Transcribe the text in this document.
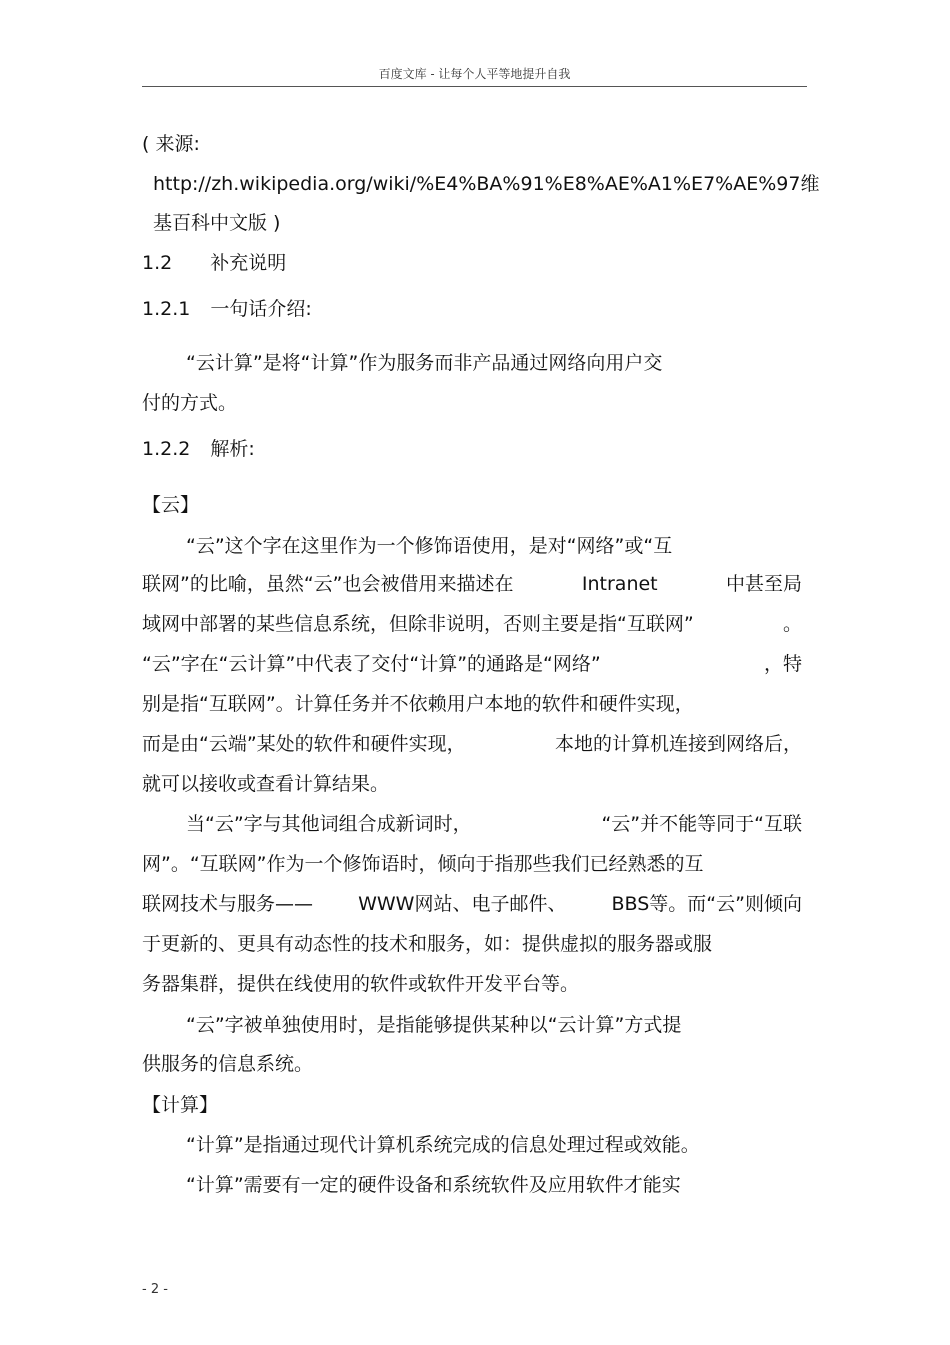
百度文库 - 让每个人平等地提升自我
( 来源:
http://zh.wikipedia.org/wiki/%E4%BA%91%E8%AE%A1%E7%AE%97维
基百科中文版 )
1.2 补充说明
1.2.1 一句话介绍:
“云计算”是将“计算”作为服务而非产品通过网络向用户交
付的方式。
1.2.2 解析:
【云】
“云”这个字在这里作为一个修饰语使用，是对“网络”或“互
联网”的比喻，虽然“云”也会被借用来描述在	Intranet	中甚至局
域网中部署的某些信息系统，但除非说明，否则主要是指“互联网”	。
“云”字在“云计算”中代表了交付“计算”的通路是“网络”	，特
别是指“互联网”。计算任务并不依赖用户本地的软件和硬件实现，
而是由“云端”某处的软件和硬件实现，	本地的计算机连接到网络后，
就可以接收或查看计算结果。
当“云”字与其他词组合成新词时，	“云”并不能等同于“互联
网”。“互联网”作为一个修饰语时，倾向于指那些我们已经熟悉的互
联网技术与服务—— WWW网站、电子邮件、 BBS等。而“云”则倾向
于更新的、更具有动态性的技术和服务，如：提供虚拟的服务器或服
务器集群，提供在线使用的软件或软件开发平台等。
“云”字被单独使用时，是指能够提供某种以“云计算”方式提
供服务的信息系统。
【计算】
“计算”是指通过现代计算机系统完成的信息处理过程或效能。
“计算”需要有一定的硬件设备和系统软件及应用软件才能实
- 2 -
